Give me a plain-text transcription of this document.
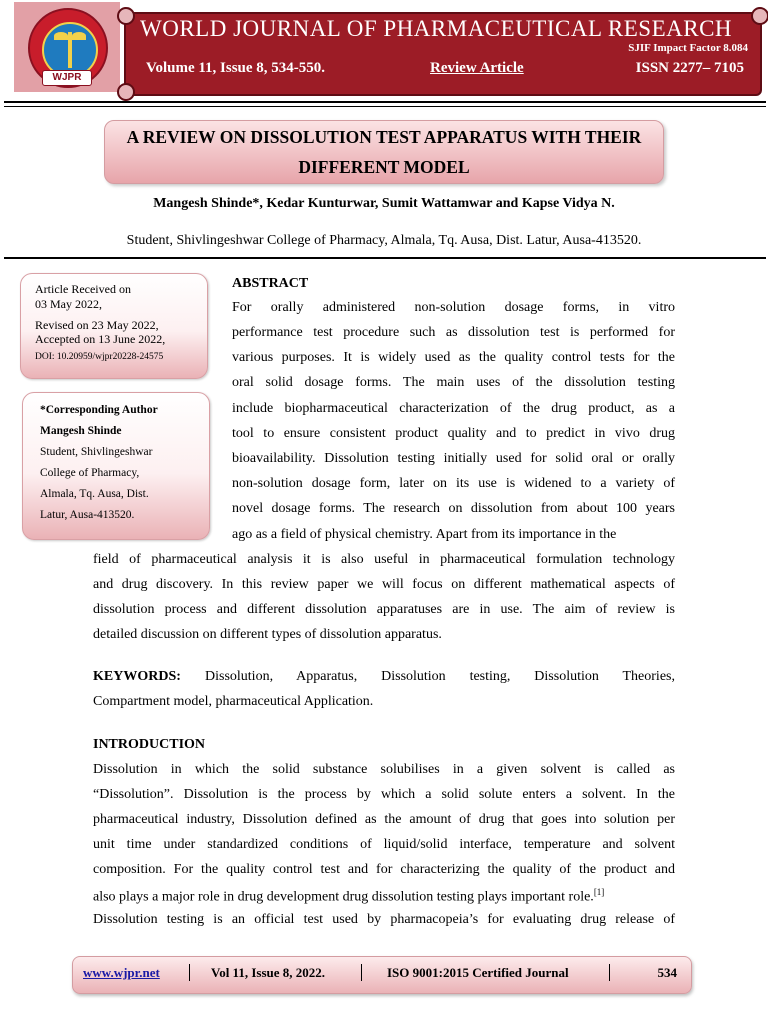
WJPR
WORLD JOURNAL OF PHARMACEUTICAL RESEARCH
SJIF Impact Factor 8.084
Volume 11, Issue 8, 534-550.	Review Article	ISSN 2277– 7105
A REVIEW ON DISSOLUTION TEST APPARATUS WITH THEIR
DIFFERENT MODEL
Mangesh Shinde*, Kedar Kunturwar, Sumit Wattamwar and Kapse Vidya N.
Student, Shivlingeshwar College of Pharmacy, Almala, Tq. Ausa, Dist. Latur, Ausa-413520.
Article Received on
03 May 2022,
Revised on 23 May 2022,
Accepted on 13 June 2022,
DOI: 10.20959/wjpr20228-24575
*Corresponding Author
Mangesh Shinde
Student, Shivlingeshwar
College of Pharmacy,
Almala, Tq. Ausa, Dist.
Latur, Ausa-413520.
ABSTRACT
For orally administered non-solution dosage forms, in vitro
performance test procedure such as dissolution test is performed for
various purposes. It is widely used as the quality control tests for the
oral solid dosage forms. The main uses of the dissolution testing
include biopharmaceutical characterization of the drug product, as a
tool to ensure consistent product quality and to predict in vivo drug
bioavailability. Dissolution testing initially used for solid oral or orally
non-solution dosage form, later on its use is widened to a variety of
novel dosage forms. The research on dissolution from about 100 years
ago as a field of physical chemistry. Apart from its importance in the
field of pharmaceutical analysis it is also useful in pharmaceutical formulation technology
and drug discovery. In this review paper we will focus on different mathematical aspects of
dissolution process and different dissolution apparatuses are in use. The aim of review is
detailed discussion on different types of dissolution apparatus.
KEYWORDS: Dissolution, Apparatus, Dissolution testing, Dissolution Theories,
Compartment model, pharmaceutical Application.
INTRODUCTION
Dissolution in which the solid substance solubilises in a given solvent is called as
“Dissolution”. Dissolution is the process by which a solid solute enters a solvent. In the
pharmaceutical industry, Dissolution defined as the amount of drug that goes into solution per
unit time under standardized conditions of liquid/solid interface, temperature and solvent
composition. For the quality control test and for characterizing the quality of the product and
also plays a major role in drug development drug dissolution testing plays important role.[1]
Dissolution testing is an official test used by pharmacopeia’s for evaluating drug release of
www.wjpr.net	Vol 11, Issue 8, 2022.	ISO 9001:2015 Certified Journal	534
